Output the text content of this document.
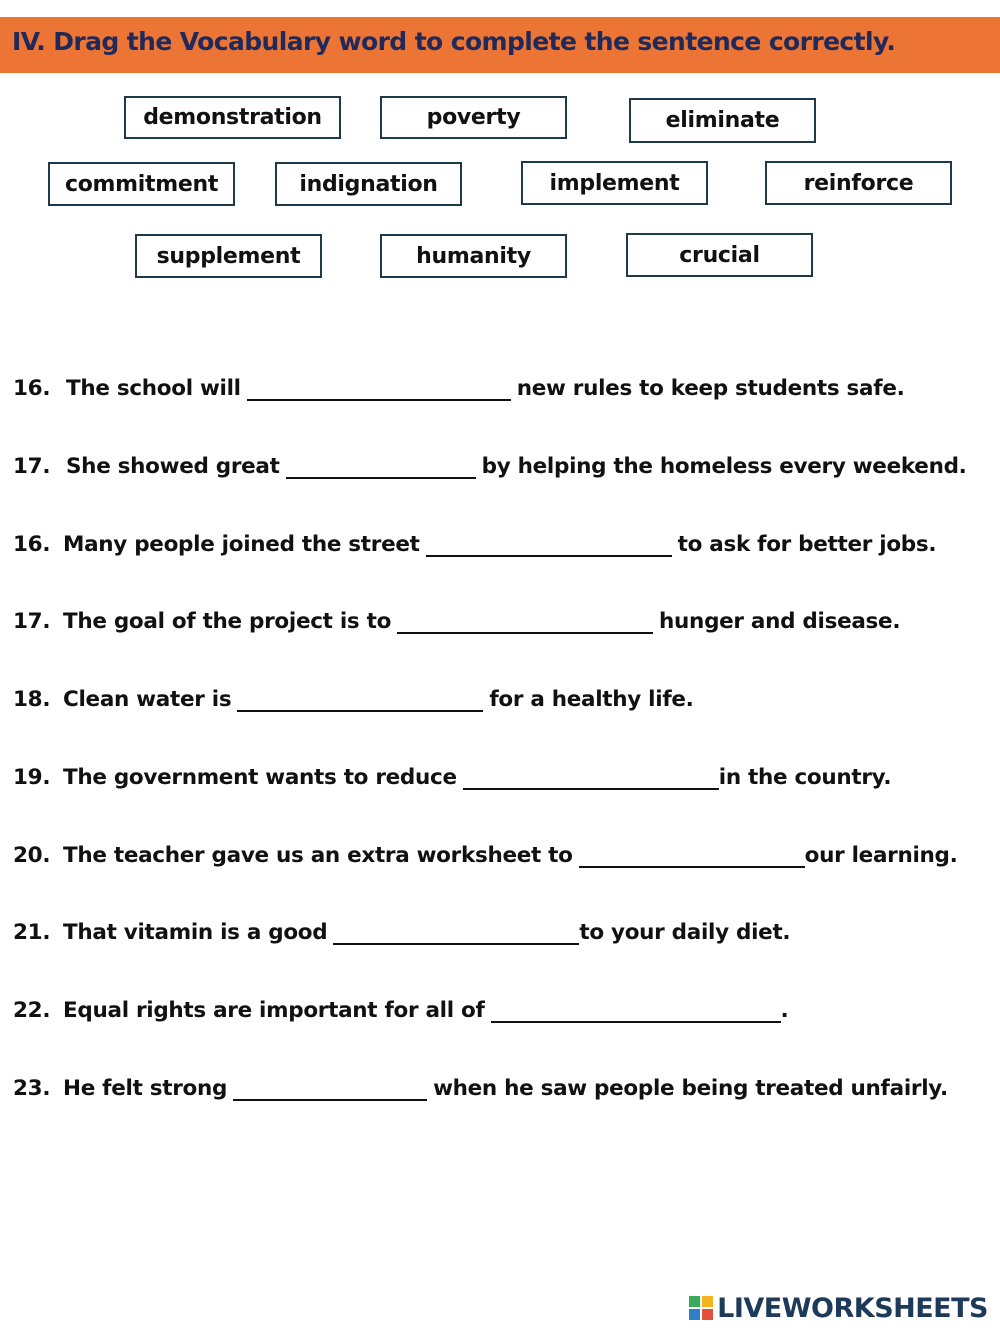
IV. Drag the Vocabulary word to complete the sentence correctly.
demonstration	poverty	eliminate
commitment	indignation	implement	reinforce
supplement	humanity	crucial
16. The school will	new rules to keep students safe.
17. She showed great	by helping the homeless every weekend.
16. Many people joined the street	to ask for better jobs.
17. The goal of the project is to	hunger and disease.
18. Clean water is	for a healthy life.
19. The government wants to reduce	in the country.
20. The teacher gave us an extra worksheet to	our learning.
21. That vitamin is a good	to your daily diet.
22. Equal rights are important for all of	.
23. He felt strong	when he saw people being treated unfairly.
LIVEWORKSHEETS
